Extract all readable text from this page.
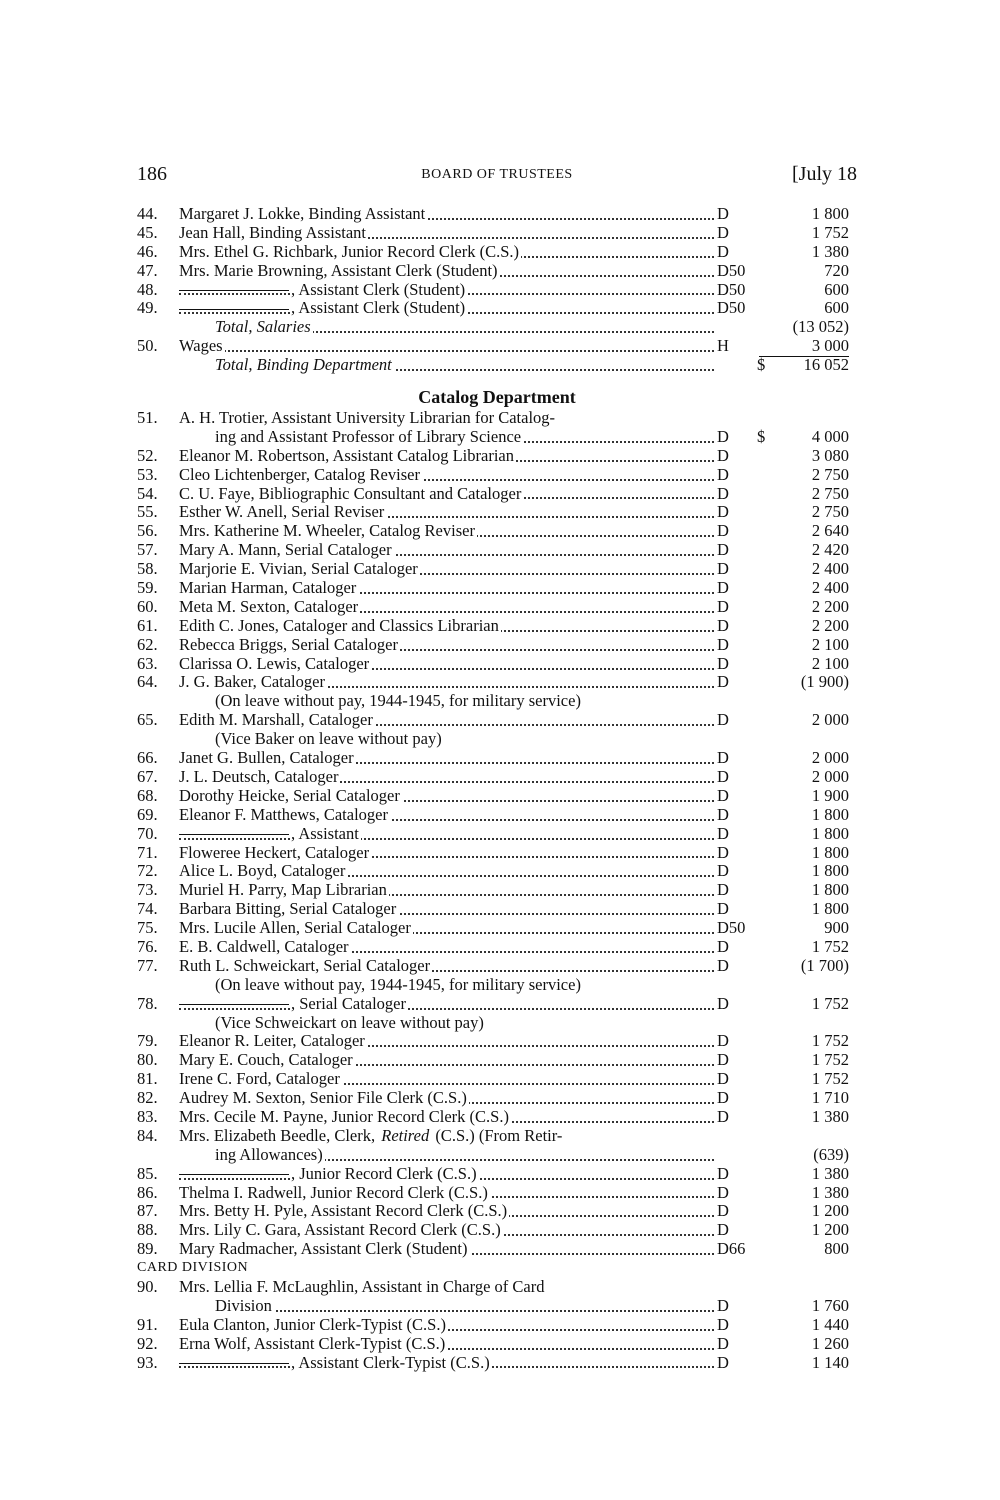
186	BOARD OF TRUSTEES	[July 18
44.	Margaret J. Lokke, Binding Assistant	D	1 800
45.	Jean Hall, Binding Assistant	D	1 752
46.	Mrs. Ethel G. Richbark, Junior Record Clerk (C.S.)	D	1 380
47.	Mrs. Marie Browning, Assistant Clerk (Student)	D50	720
48.	, Assistant Clerk (Student)	D50	600
49.	, Assistant Clerk (Student)	D50	600
Total, Salaries	(13 052)
50.	Wages	H	3 000
Total, Binding Department	$	16 052
Catalog Department
51.	A. H. Trotier, Assistant University Librarian for Catalog-
ing and Assistant Professor of Library Science	D	$	4 000
52.	Eleanor M. Robertson, Assistant Catalog Librarian	D	3 080
53.	Cleo Lichtenberger, Catalog Reviser	D	2 750
54.	C. U. Faye, Bibliographic Consultant and Cataloger	D	2 750
55.	Esther W. Anell, Serial Reviser	D	2 750
56.	Mrs. Katherine M. Wheeler, Catalog Reviser	D	2 640
57.	Mary A. Mann, Serial Cataloger	D	2 420
58.	Marjorie E. Vivian, Serial Cataloger	D	2 400
59.	Marian Harman, Cataloger	D	2 400
60.	Meta M. Sexton, Cataloger	D	2 200
61.	Edith C. Jones, Cataloger and Classics Librarian	D	2 200
62.	Rebecca Briggs, Serial Cataloger	D	2 100
63.	Clarissa O. Lewis, Cataloger	D	2 100
64.	J. G. Baker, Cataloger	D	(1 900)
(On leave without pay, 1944-1945, for military service)
65.	Edith M. Marshall, Cataloger	D	2 000
(Vice Baker on leave without pay)
66.	Janet G. Bullen, Cataloger	D	2 000
67.	J. L. Deutsch, Cataloger	D	2 000
68.	Dorothy Heicke, Serial Cataloger	D	1 900
69.	Eleanor F. Matthews, Cataloger	D	1 800
70.	, Assistant	D	1 800
71.	Floweree Heckert, Cataloger	D	1 800
72.	Alice L. Boyd, Cataloger	D	1 800
73.	Muriel H. Parry, Map Librarian	D	1 800
74.	Barbara Bitting, Serial Cataloger	D	1 800
75.	Mrs. Lucile Allen, Serial Cataloger	D50	900
76.	E. B. Caldwell, Cataloger	D	1 752
77.	Ruth L. Schweickart, Serial Cataloger	D	(1 700)
(On leave without pay, 1944-1945, for military service)
78.	, Serial Cataloger	D	1 752
(Vice Schweickart on leave without pay)
79.	Eleanor R. Leiter, Cataloger	D	1 752
80.	Mary E. Couch, Cataloger	D	1 752
81.	Irene C. Ford, Cataloger	D	1 752
82.	Audrey M. Sexton, Senior File Clerk (C.S.)	D	1 710
83.	Mrs. Cecile M. Payne, Junior Record Clerk (C.S.)	D	1 380
84.	Mrs. Elizabeth Beedle, Clerk, Retired (C.S.) (From Retir-
ing Allowances)	(639)
85.	, Junior Record Clerk (C.S.)	D	1 380
86.	Thelma I. Radwell, Junior Record Clerk (C.S.)	D	1 380
87.	Mrs. Betty H. Pyle, Assistant Record Clerk (C.S.)	D	1 200
88.	Mrs. Lily C. Gara, Assistant Record Clerk (C.S.)	D	1 200
89.	Mary Radmacher, Assistant Clerk (Student)	D66	800
CARD DIVISION
90.	Mrs. Lellia F. McLaughlin, Assistant in Charge of Card
Division	D	1 760
91.	Eula Clanton, Junior Clerk-Typist (C.S.)	D	1 440
92.	Erna Wolf, Assistant Clerk-Typist (C.S.)	D	1 260
93.	, Assistant Clerk-Typist (C.S.)	D	1 140
